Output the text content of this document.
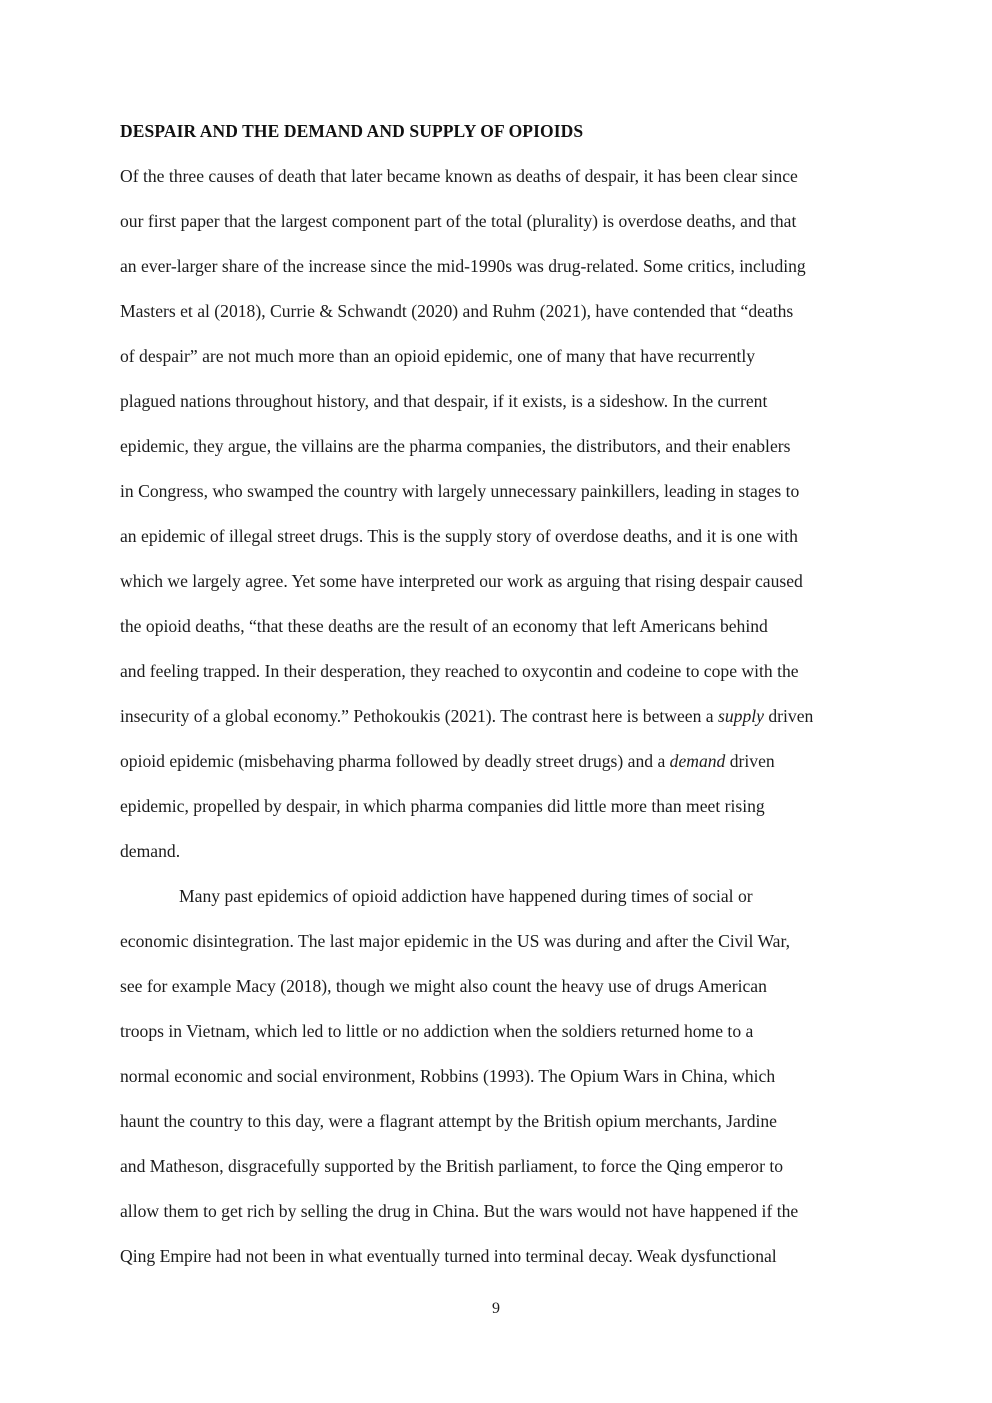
DESPAIR AND THE DEMAND AND SUPPLY OF OPIOIDS
Of the three causes of death that later became known as deaths of despair, it has been clear since
our first paper that the largest component part of the total (plurality) is overdose deaths, and that
an ever-larger share of the increase since the mid-1990s was drug-related. Some critics, including
Masters et al (2018), Currie & Schwandt (2020) and Ruhm (2021), have contended that “deaths
of despair” are not much more than an opioid epidemic, one of many that have recurrently
plagued nations throughout history, and that despair, if it exists, is a sideshow. In the current
epidemic, they argue, the villains are the pharma companies, the distributors, and their enablers
in Congress, who swamped the country with largely unnecessary painkillers, leading in stages to
an epidemic of illegal street drugs. This is the supply story of overdose deaths, and it is one with
which we largely agree. Yet some have interpreted our work as arguing that rising despair caused
the opioid deaths, “that these deaths are the result of an economy that left Americans behind
and feeling trapped. In their desperation, they reached to oxycontin and codeine to cope with the
insecurity of a global economy.” Pethokoukis (2021). The contrast here is between a supply driven
opioid epidemic (misbehaving pharma followed by deadly street drugs) and a demand driven
epidemic, propelled by despair, in which pharma companies did little more than meet rising
demand.
Many past epidemics of opioid addiction have happened during times of social or
economic disintegration. The last major epidemic in the US was during and after the Civil War,
see for example Macy (2018), though we might also count the heavy use of drugs American
troops in Vietnam, which led to little or no addiction when the soldiers returned home to a
normal economic and social environment, Robbins (1993). The Opium Wars in China, which
haunt the country to this day, were a flagrant attempt by the British opium merchants, Jardine
and Matheson, disgracefully supported by the British parliament, to force the Qing emperor to
allow them to get rich by selling the drug in China. But the wars would not have happened if the
Qing Empire had not been in what eventually turned into terminal decay. Weak dysfunctional
9
